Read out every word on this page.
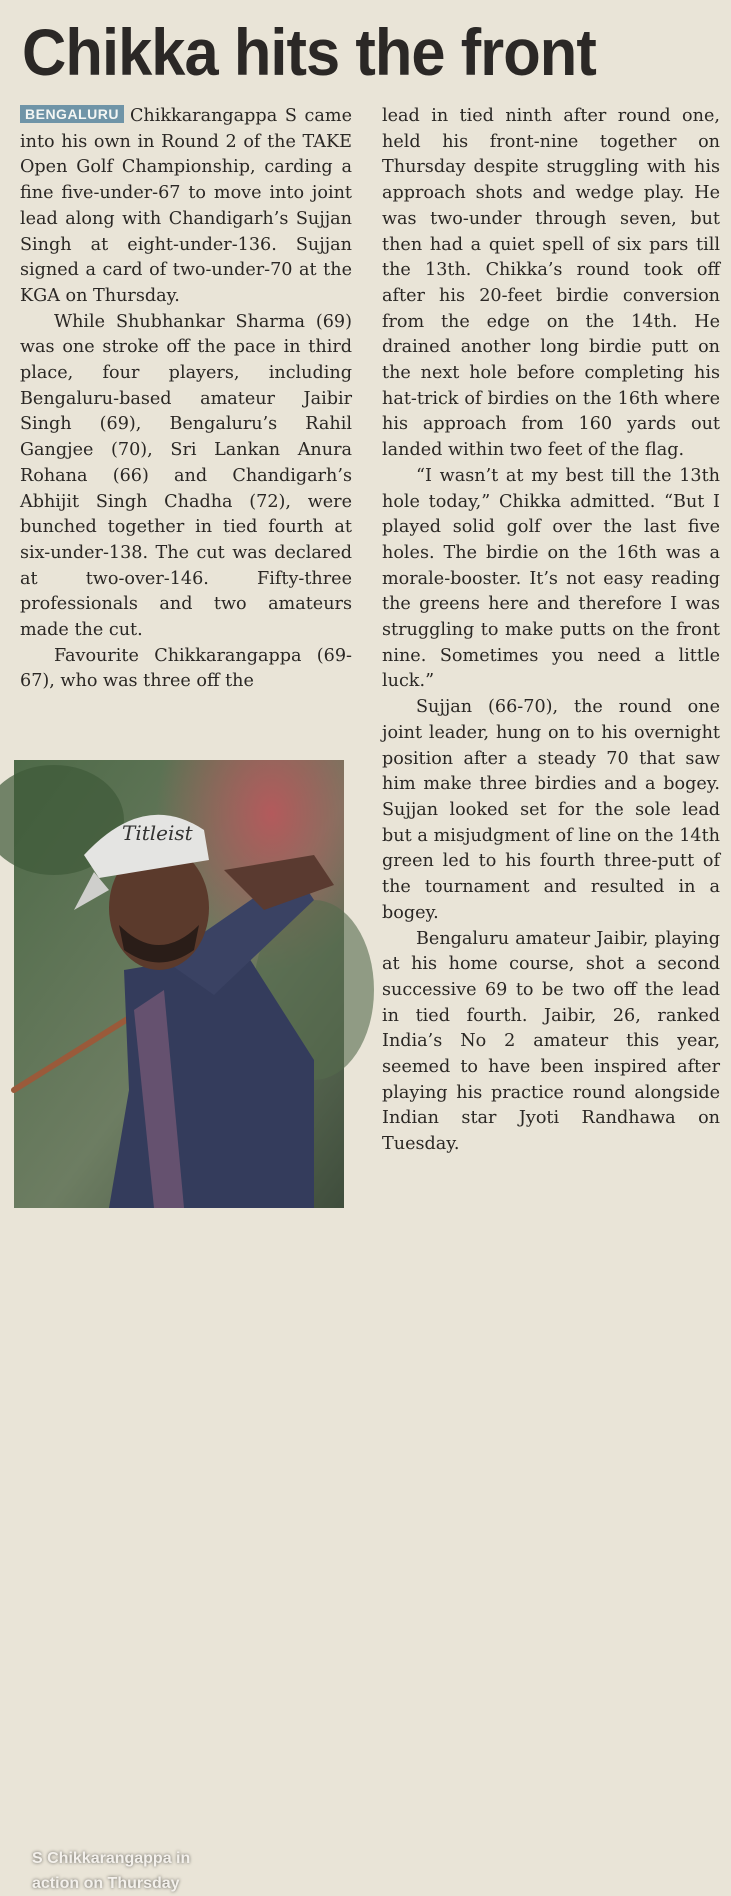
Chikka hits the front

BENGALURU Chikkarangappa S came into his own in Round 2 of the TAKE Open Golf Championship, carding a fine five-under-67 to move into joint lead along with Chandigarh’s Sujjan Singh at eight-under-136. Sujjan signed a card of two-under-70 at the KGA on Thursday.

While Shubhankar Sharma (69) was one stroke off the pace in third place, four players, including Bengaluru-based amateur Jaibir Singh (69), Bengaluru’s Rahil Gangjee (70), Sri Lankan Anura Rohana (66) and Chandigarh’s Abhijit Singh Chadha (72), were bunched together in tied fourth at six-under-138. The cut was declared at two-over-146. Fifty-three professionals and two amateurs made the cut.

Favourite Chikkarangappa (69-67), who was three off the

lead in tied ninth after round one, held his front-nine together on Thursday despite struggling with his approach shots and wedge play. He was two-under through seven, but then had a quiet spell of six pars till the 13th. Chikka’s round took off after his 20-feet birdie conversion from the edge on the 14th. He drained another long birdie putt on the next hole before completing his hat-trick of birdies on the 16th where his approach from 160 yards out landed within two feet of the flag.

“I wasn’t at my best till the 13th hole today,” Chikka admitted. “But I played solid golf over the last five holes. The birdie on the 16th was a morale-booster. It’s not easy reading the greens here and therefore I was struggling to make putts on the front nine. Sometimes you need a little luck.”

Sujjan (66-70), the round one joint leader, hung on to his overnight position after a steady 70 that saw him make three birdies and a bogey. Sujjan looked set for the sole lead but a misjudgment of line on the 14th green led to his fourth three-putt of the tournament and resulted in a bogey.

Bengaluru amateur Jaibir, playing at his home course, shot a second successive 69 to be two off the lead in tied fourth. Jaibir, 26, ranked India’s No 2 amateur this year, seemed to have been inspired after playing his practice round alongside Indian star Jyoti Randhawa on Tuesday.

Titleist
S Chikkarangappa in action on Thursday
